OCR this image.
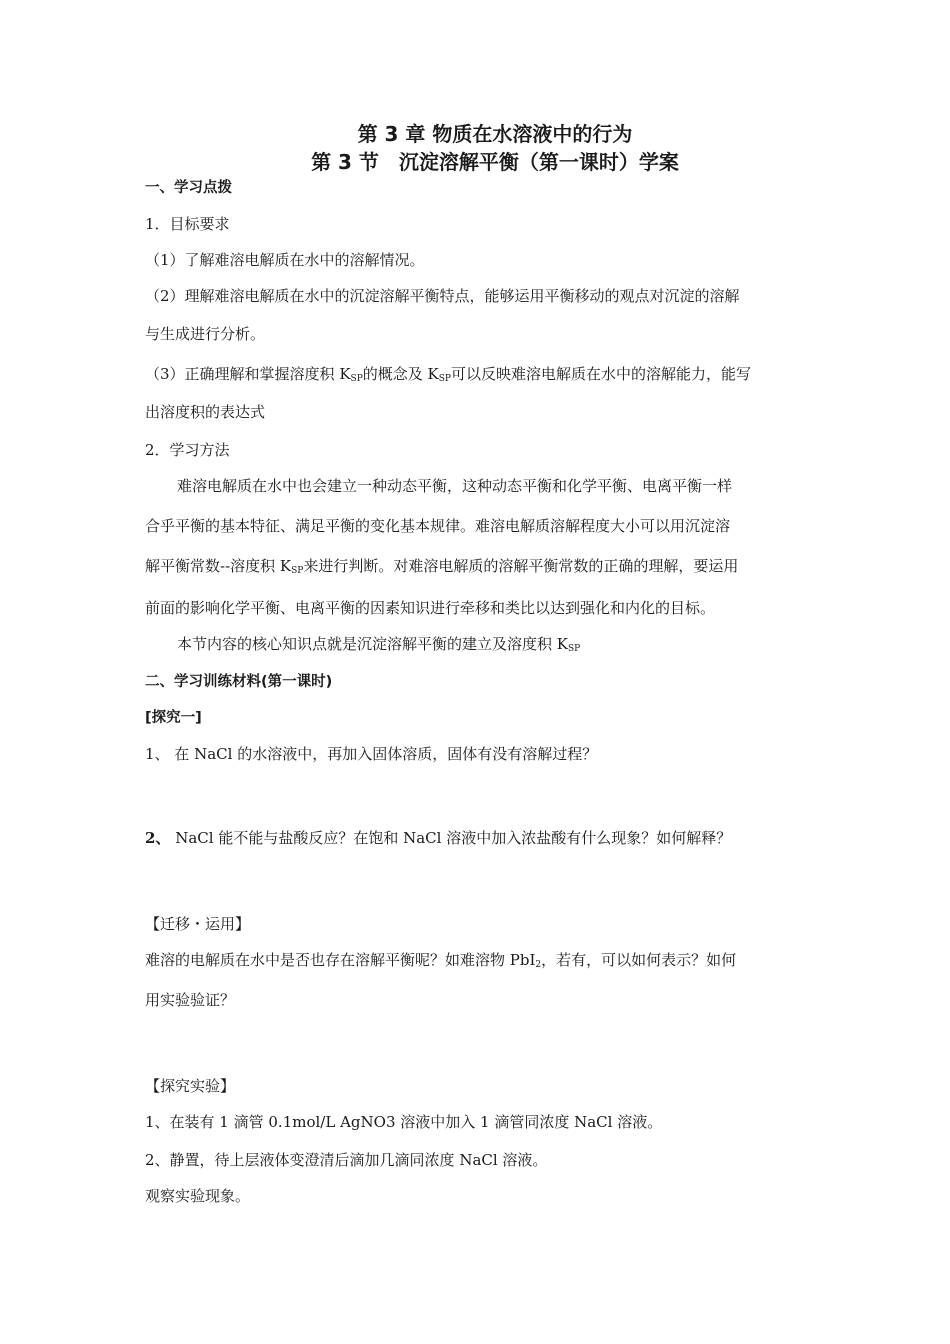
第 3 章 物质在水溶液中的行为
第 3 节　沉淀溶解平衡（第一课时）学案
一、学习点拨
1．目标要求
（1）了解难溶电解质在水中的溶解情况。
（2）理解难溶电解质在水中的沉淀溶解平衡特点，能够运用平衡移动的观点对沉淀的溶解
与生成进行分析。
（3）正确理解和掌握溶度积 $K_{SP}$的概念及 $K_{SP}$可以反映难溶电解质在水中的溶解能力，能写
出溶度积的表达式
2．学习方法
难溶电解质在水中也会建立一种动态平衡，这种动态平衡和化学平衡、电离平衡一样
合乎平衡的基本特征、满足平衡的变化基本规律。难溶电解质溶解程度大小可以用沉淀溶
解平衡常数--溶度积 $K_{SP}$来进行判断。对难溶电解质的溶解平衡常数的正确的理解，要运用
前面的影响化学平衡、电离平衡的因素知识进行牵移和类比以达到强化和内化的目标。
本节内容的核心知识点就是沉淀溶解平衡的建立及溶度积 $K_{SP}$
二、学习训练材料(第一课时)
[探究一]
1、 在 NaCl 的水溶液中，再加入固体溶质，固体有没有溶解过程？
2、 NaCl 能不能与盐酸反应？在饱和 NaCl 溶液中加入浓盐酸有什么现象？如何解释？
【迁移・运用】
难溶的电解质在水中是否也存在溶解平衡呢？如难溶物 PbI$_2$，若有，可以如何表示？如何
用实验验证？
【探究实验】
1、在装有 1 滴管 0.1mol/L AgNO3 溶液中加入 1 滴管同浓度 NaCl 溶液。
2、静置，待上层液体变澄清后滴加几滴同浓度 NaCl 溶液。
观察实验现象。
